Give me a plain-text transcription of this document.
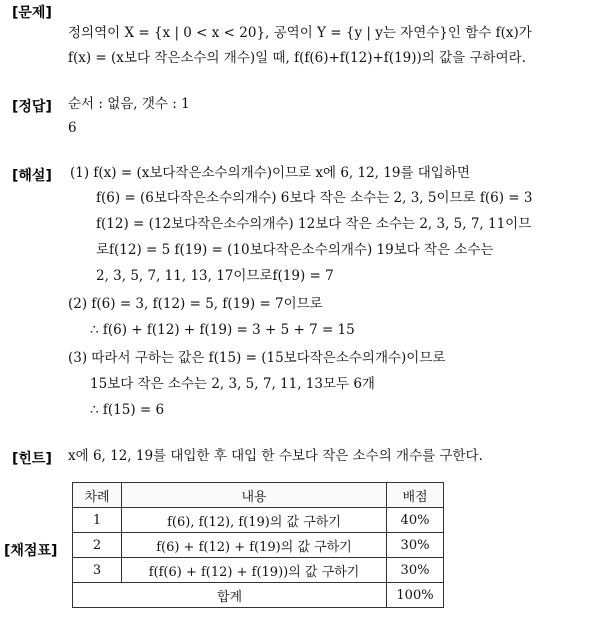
[문제]
정의역이 X = {x | 0 < x < 20}, 공역이 Y = {y | y는 자연수}인 함수 f(x)가
f(x) = (x보다 작은소수의 개수)일 때, f(f(6)+f(12)+f(19))의 값을 구하여라.
[정답] 순서 : 없음, 갯수 : 1
6
[해설] (1) f(x) = (x보다작은소수의개수)이므로 x에 6, 12, 19를 대입하면
f(6) = (6보다작은소수의개수) 6보다 작은 소수는 2, 3, 5이므로 f(6) = 3
f(12) = (12보다작은소수의개수) 12보다 작은 소수는 2, 3, 5, 7, 11이므
로f(12) = 5 f(19) = (10보다작은소수의개수) 19보다 작은 소수는
2, 3, 5, 7, 11, 13, 17이므로f(19) = 7
(2) f(6) = 3, f(12) = 5, f(19) = 7이므로
∴ f(6) + f(12) + f(19) = 3 + 5 + 7 = 15
(3) 따라서 구하는 값은 f(15) = (15보다작은소수의개수)이므로
15보다 작은 소수는 2, 3, 5, 7, 11, 13모두 6개
∴ f(15) = 6
[힌트] x에 6, 12, 19를 대입한 후 대입 한 수보다 작은 소수의 개수를 구한다.
[채점표]
차례	내용	배점
1	f(6), f(12), f(19)의 값 구하기	40%
2	f(6) + f(12) + f(19)의 값 구하기	30%
3	f(f(6) + f(12) + f(19))의 값 구하기	30%
합계		100%
